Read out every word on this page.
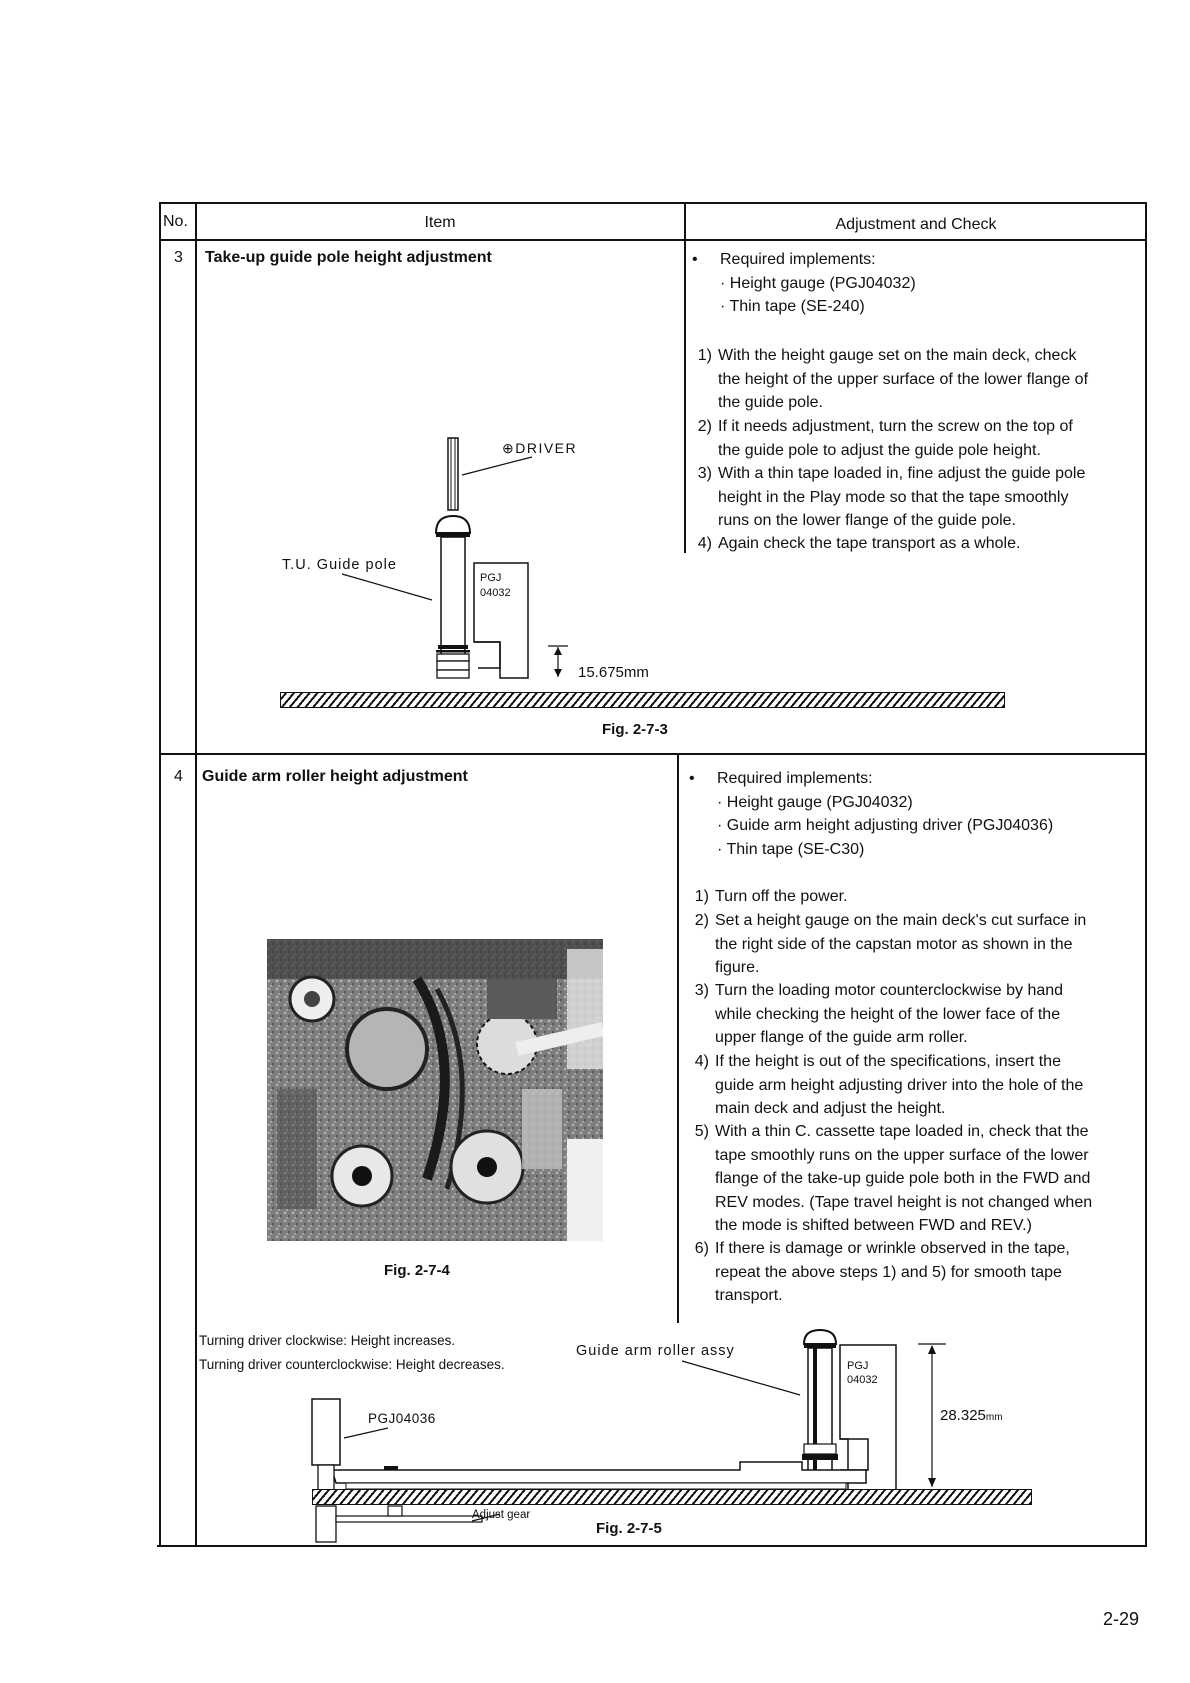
No.	Item	Adjustment and Check
3 Take-up guide pole height adjustment	• Required implements:
· Height gauge (PGJ04032)
· Thin tape (SE-240)
1) With the height gauge set on the main deck, check
the height of the upper surface of the lower flange of
the guide pole.
2) If it needs adjustment, turn the screw on the top of
the guide pole to adjust the guide pole height.
3) With a thin tape loaded in, fine adjust the guide pole
height in the Play mode so that the tape smoothly
runs on the lower flange of the guide pole.
4) Again check the tape transport as a whole.
⊕DRIVER
T.U. Guide pole
PGJ
04032
15.675mm
Fig. 2-7-3
4 Guide arm roller height adjustment	• Required implements:
· Height gauge (PGJ04032)
· Guide arm height adjusting driver (PGJ04036)
· Thin tape (SE-C30)
1) Turn off the power.
2) Set a height gauge on the main deck's cut surface in
the right side of the capstan motor as shown in the
figure.
3) Turn the loading motor counterclockwise by hand
while checking the height of the lower face of the
upper flange of the guide arm roller.
4) If the height is out of the specifications, insert the
guide arm height adjusting driver into the hole of the
main deck and adjust the height.
5) With a thin C. cassette tape loaded in, check that the
tape smoothly runs on the upper surface of the lower
flange of the take-up guide pole both in the FWD and
REV modes. (Tape travel height is not changed when
the mode is shifted between FWD and REV.)
6) If there is damage or wrinkle observed in the tape,
repeat the above steps 1) and 5) for smooth tape
transport.
Fig. 2-7-4
Turning driver clockwise: Height increases.
Turning driver counterclockwise: Height decreases.
Guide arm roller assy
PGJ
04032
28.325mm
PGJ04036
Adjust gear
Fig. 2-7-5
2-29
